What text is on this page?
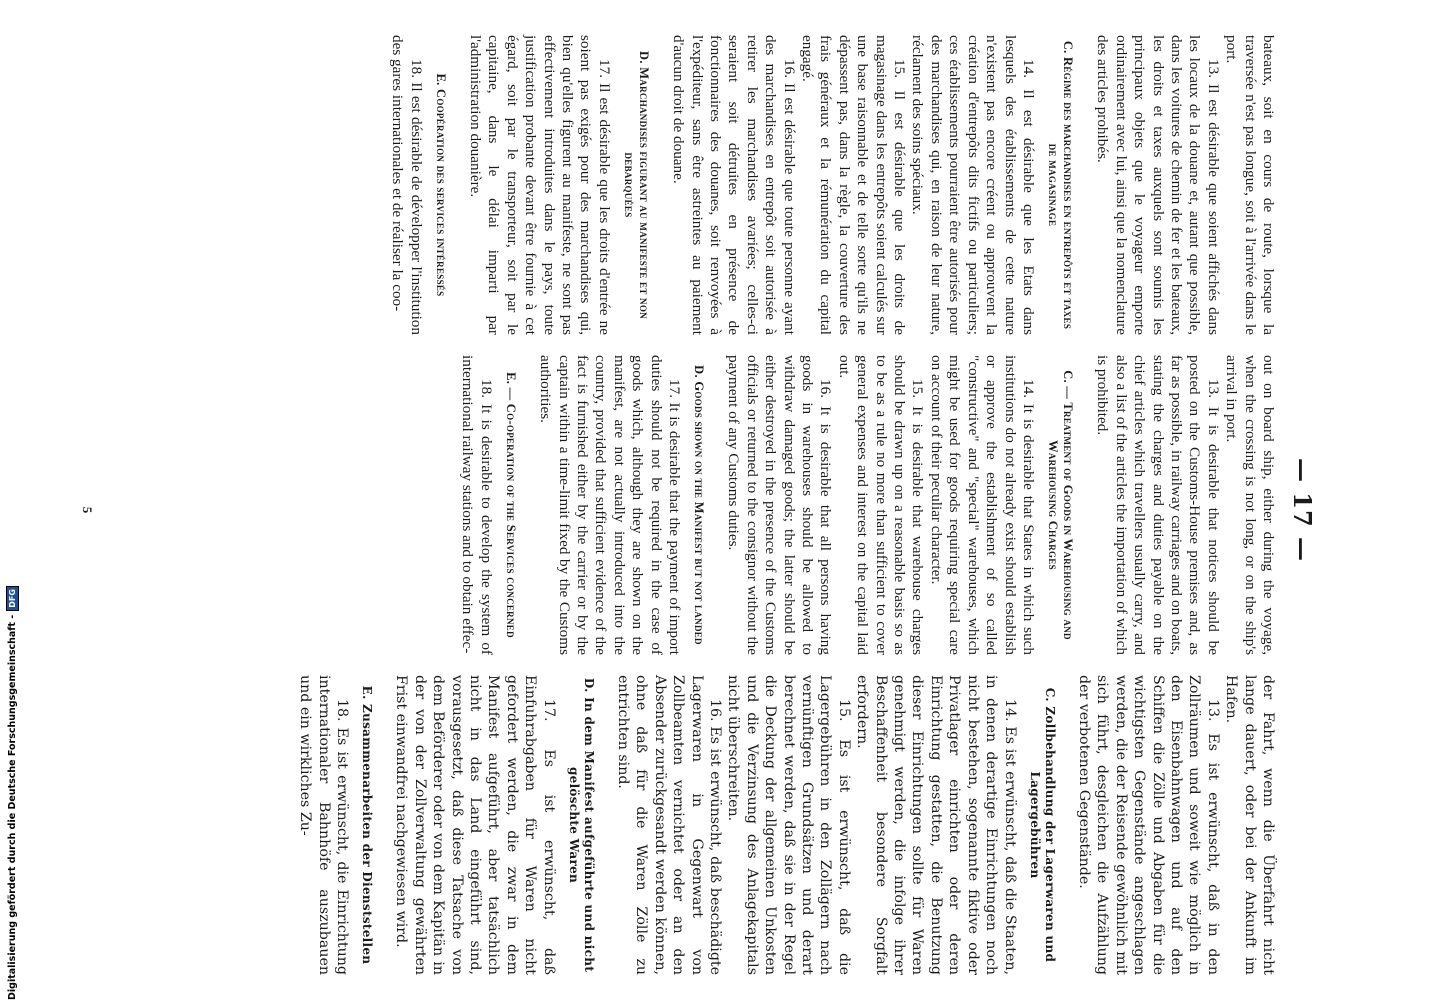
— 17 —

bateaux, soit en cours de route, lorsque la traversée n'est pas longue, soit à l'arrivée dans le port.

13. Il est désirable que soient affichés dans les locaux de la douane et, autant que possible, dans les voitures de chemin de fer et les bateaux, les droits et taxes auxquels sont soumis les principaux objets que le voyageur emporte ordinairement avec lui, ainsi que la nomenclature des articles prohibés.

C. Régime des marchandises en entrepôts et taxes de magasinage

14. Il est désirable que les Etats dans lesquels des établissements de cette nature n'existent pas encore créent ou approuvent la création d'entrepôts dits fictifs ou particuliers; ces établissements pourraient être autorisés pour des marchandises qui, en raison de leur nature, réclament des soins spéciaux.

15. Il est désirable que les droits de magasinage dans les entrepôts soient calculés sur une base raisonnable et de telle sorte qu'ils ne dépassent pas, dans la règle, la couverture des frais généraux et la rémunération du capital engagé.

16. Il est désirable que toute personne ayant des marchandises en entrepôt soit autorisée à retirer les marchandises avariées; celles-ci seraient soit détruites en présence de fonctionnaires des douanes, soit renvoyées à l'expéditeur, sans être astreintes au paiement d'aucun droit de douane.

D. Marchandises figurant au manifeste et non debarquées

17. Il est désirable que les droits d'entrée ne soient pas exigés pour des marchandises qui, bien qu'elles figurent au manifeste, ne sont pas effectivement introduites dans le pays, toute justification probante devant être fournie à cet égard, soit par le transporteur, soit par le capitaine, dans le délai imparti par l'administration douanière.

E. Coopération des services intéressés

18. Il est désirable de développer l'institution des gares internationales et de réaliser la coo-

out on board ship, either during the voyage, when the crossing is not long, or on the ship's arrival in port.

13. It is desirable that notices should be posted on the Customs-House premises and, as far as possible, in railway carriages and on boats, stating the charges and duties payable on the chief articles which travellers usually carry, and also a list of the articles the importation of which is prohibited.

C. — Treatment of Goods in Warehousing and Warehousing Charges

14. It is desirable that States in which such institutions do not already exist should establish or approve the establishment of so called "constructive" and "special" warehouses, which might be used for goods requiring special care on account of their peculiar character.

15. It is desirable that warehouse charges should be drawn up on a reasonable basis so as to be as a rule no more than sufficient to cover general expenses and interest on the capital laid out.

16. It is desirable that all persons having goods in warehouses should be allowed to withdraw damaged goods; the latter should be either destroyed in the presence of the Customs officials or returned to the consignor without the payment of any Customs duties.

D. Goods shown on the Manifest but not landed

17. It is desirable that the payment of import duties should not be required in the case of goods which, although they are shown on the manifest, are not actually introduced into the country, provided that sufficient evidence of the fact is furnished either by the carrier or by the captain within a time-limit fixed by the Customs authorities.

E. — Co-operation of the Services concerned

18. It is desirable to develop the system of international railway stations and to obtain effec-

der Fahrt, wenn die Überfahrt nicht lange dauert, oder bei der Ankunft im Hafen.

13. Es ist erwünscht, daß in den Zollräumen und soweit wie möglich in den Eisenbahnwagen und auf den Schiffen die Zölle und Abgaben für die wichtigsten Gegenstände angeschlagen werden, die der Reisende gewöhnlich mit sich führt, desgleichen die Aufzählung der verbotenen Gegenstände.

C. Zollbehandlung der Lagerwaren und Lagergebühren

14. Es ist erwünscht, daß die Staaten, in denen derartige Einrichtungen noch nicht bestehen, sogenannte fiktive oder Privatlager einrichten oder deren Einrichtung gestatten, die Benutzung dieser Einrichtungen sollte für Waren genehmigt werden, die infolge ihrer Beschaffenheit besondere Sorgfalt erfordern.

15. Es ist erwünscht, daß die Lagergebühren in den Zollägern nach vernünftigen Grundsätzen und derart berechnet werden, daß sie in der Regel die Deckung der allgemeinen Unkosten und die Verzinsung des Anlagekapitals nicht überschreiten.

16. Es ist erwünscht, daß beschädigte Lagerwaren in Gegenwart von Zollbeamten vernichtet oder an den Absender zurückgesandt werden können, ohne daß für die Waren Zölle zu entrichten sind.

D. In dem Manifest aufgeführte und nicht gelöschte Waren

17. Es ist erwünscht, daß Einfuhrabgaben für Waren nicht gefordert werden, die zwar in dem Manifest aufgeführt, aber tatsächlich nicht in das Land eingeführt sind, vorausgesetzt, daß diese Tatsache von dem Beförderer oder von dem Kapitän in der von der Zollverwaltung gewährten Frist einwandfrei nachgewiesen wird.

E. Zusammenarbeiten der Dienststellen

18. Es ist erwünscht, die Einrichtung internationaler Bahnhöfe auszubauen und ein wirkliches Zu-

5
Digitalisierung gefördert durch die Deutsche Forschungsgemeinschaft -
DFG
